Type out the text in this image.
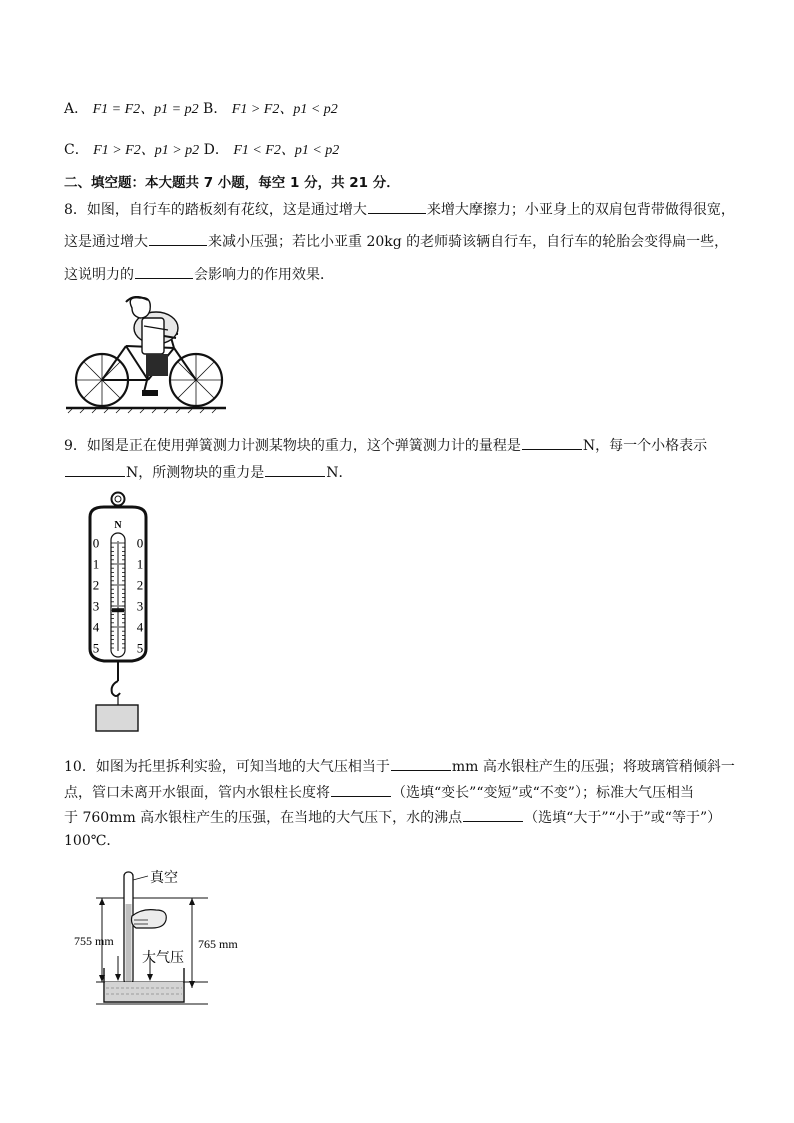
A． F1 = F2、p1 = p2 B． F1 > F2、p1 < p2
C． F1 > F2、p1 > p2 D． F1 < F2、p1 < p2
二、填空题：本大题共 7 小题，每空 1 分，共 21 分．
8．如图，自行车的踏板刻有花纹，这是通过增大	来增大摩擦力；小亚身上的双肩包背带做得很宽，
这是通过增大	来减小压强；若比小亚重 20kg 的老师骑该辆自行车，自行车的轮胎会变得扁一些，
这说明力的	会影响力的作用效果．
9．如图是正在使用弹簧测力计测某物块的重力，这个弹簧测力计的量程是	N，每一个小格表示
N，所测物块的重力是	N．
N
0
1
2
3
4
5
0
1
2
3
4
5
10．如图为托里拆利实验，可知当地的大气压相当于	mm 高水银柱产生的压强；将玻璃管稍倾斜一
点，管口未离开水银面，管内水银柱长度将	（选填“变长”“变短”或“不变”）；标准大气压相当
于 760mm 高水银柱产生的压强，在当地的大气压下，水的沸点	（选填“大于”“小于”或“等于”）
100℃．
真空
755 mm	765 mm
大气压
